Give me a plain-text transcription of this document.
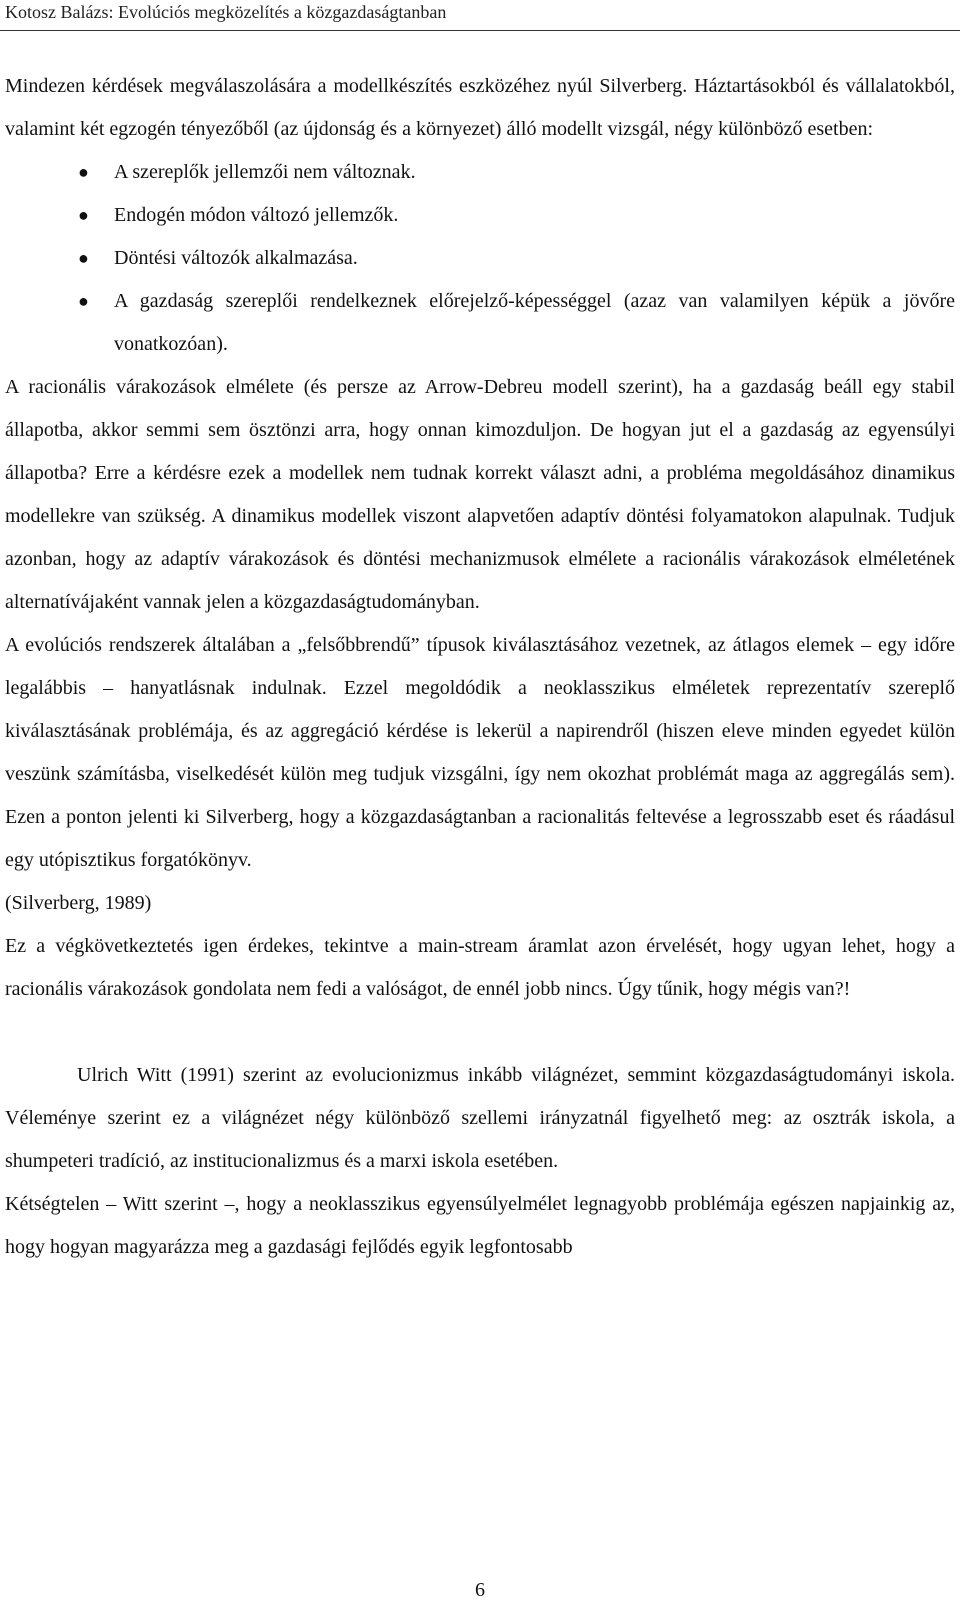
Kotosz Balázs: Evolúciós megközelítés a közgazdaságtanban

Mindezen kérdések megválaszolására a modellkészítés eszközéhez nyúl Silverberg. Háztartásokból és vállalatokból, valamint két egzogén tényezőből (az újdonság és a környezet) álló modellt vizsgál, négy különböző esetben:

● A szereplők jellemzői nem változnak.
● Endogén módon változó jellemzők.
● Döntési változók alkalmazása.
● A gazdaság szereplői rendelkeznek előrejelző-képességgel (azaz van valamilyen képük a jövőre vonatkozóan).

A racionális várakozások elmélete (és persze az Arrow-Debreu modell szerint), ha a gazdaság beáll egy stabil állapotba, akkor semmi sem ösztönzi arra, hogy onnan kimozduljon. De hogyan jut el a gazdaság az egyensúlyi állapotba? Erre a kérdésre ezek a modellek nem tudnak korrekt választ adni, a probléma megoldásához dinamikus modellekre van szükség. A dinamikus modellek viszont alapvetően adaptív döntési folyamatokon alapulnak. Tudjuk azonban, hogy az adaptív várakozások és döntési mechanizmusok elmélete a racionális várakozások elméletének alternatívájaként vannak jelen a közgazdaságtudományban.

A evolúciós rendszerek általában a „felsőbbrendű” típusok kiválasztásához vezetnek, az átlagos elemek – egy időre legalábbis – hanyatlásnak indulnak. Ezzel megoldódik a neoklasszikus elméletek reprezentatív szereplő kiválasztásának problémája, és az aggregáció kérdése is lekerül a napirendről (hiszen eleve minden egyedet külön veszünk számításba, viselkedését külön meg tudjuk vizsgálni, így nem okozhat problémát maga az aggregálás sem). Ezen a ponton jelenti ki Silverberg, hogy a közgazdaságtanban a racionalitás feltevése a legrosszabb eset és ráadásul egy utópisztikus forgatókönyv.

(Silverberg, 1989)

Ez a végkövetkeztetés igen érdekes, tekintve a main-stream áramlat azon érvelését, hogy ugyan lehet, hogy a racionális várakozások gondolata nem fedi a valóságot, de ennél jobb nincs. Úgy tűnik, hogy mégis van?!

Ulrich Witt (1991) szerint az evolucionizmus inkább világnézet, semmint közgazdaságtudományi iskola. Véleménye szerint ez a világnézet négy különböző szellemi irányzatnál figyelhető meg: az osztrák iskola, a shumpeteri tradíció, az institucionalizmus és a marxi iskola esetében.

Kétségtelen – Witt szerint –, hogy a neoklasszikus egyensúlyelmélet legnagyobb problémája egészen napjainkig az, hogy hogyan magyarázza meg a gazdasági fejlődés egyik legfontosabb

6
